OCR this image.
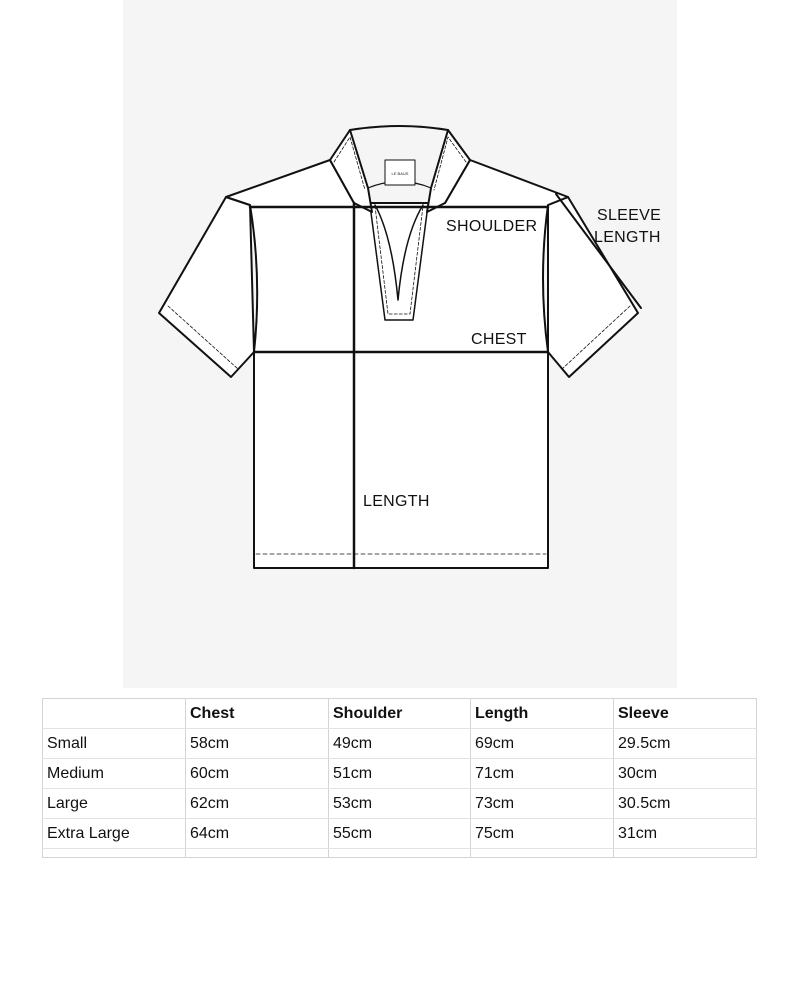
LE BAUS
SHOULDER
SLEEVE
LENGTH
CHEST
LENGTH
	Chest	Shoulder	Length	Sleeve
Small	58cm	49cm	69cm	29.5cm
Medium	60cm	51cm	71cm	30cm
Large	62cm	53cm	73cm	30.5cm
Extra Large	64cm	55cm	75cm	31cm
